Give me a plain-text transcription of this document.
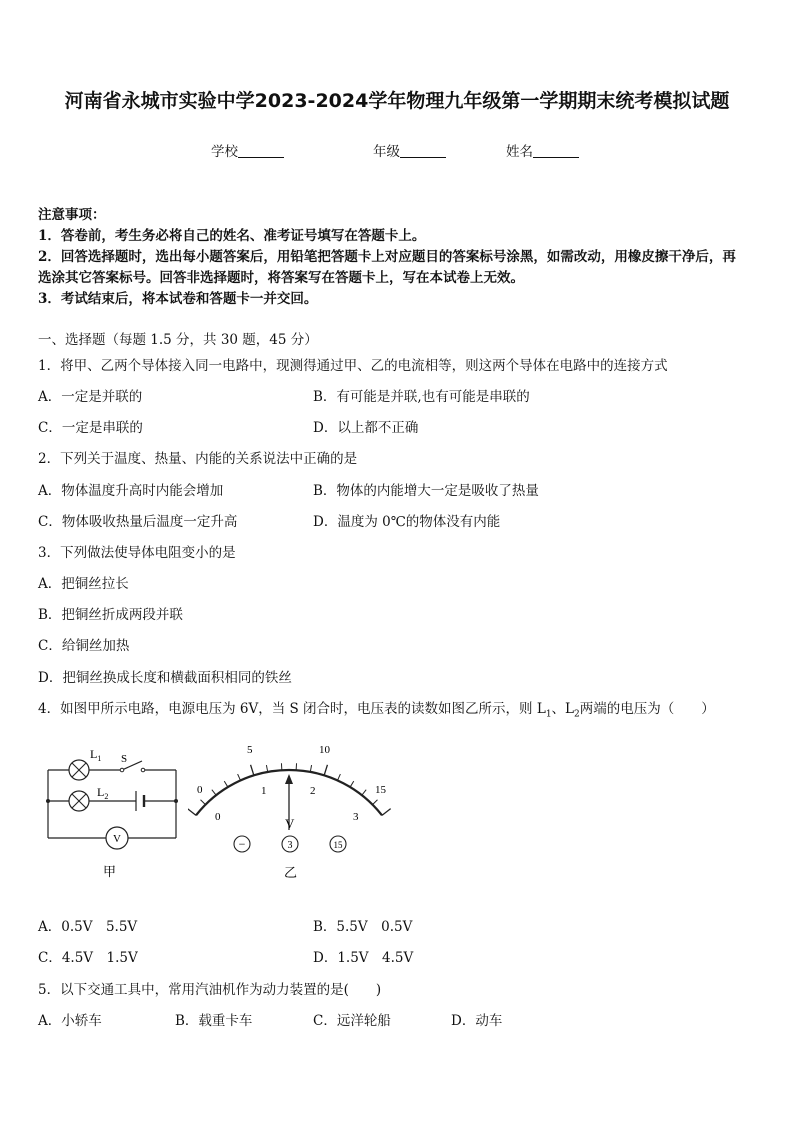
河南省永城市实验中学2023-2024学年物理九年级第一学期期末统考模拟试题
学校	年级	姓名
注意事项：
1．答卷前，考生务必将自己的姓名、准考证号填写在答题卡上。
2．回答选择题时，选出每小题答案后，用铅笔把答题卡上对应题目的答案标号涂黑，如需改动，用橡皮擦干净后，再
选涂其它答案标号。回答非选择题时，将答案写在答题卡上，写在本试卷上无效。
3．考试结束后，将本试卷和答题卡一并交回。
一、选择题（每题 1.5 分，共 30 题，45 分）
1．将甲、乙两个导体接入同一电路中，现测得通过甲、乙的电流相等，则这两个导体在电路中的连接方式
A．一定是并联的	B．有可能是并联,也有可能是串联的
C．一定是串联的	D．以上都不正确
2．下列关于温度、热量、内能的关系说法中正确的是
A．物体温度升高时内能会增加	B．物体的内能增大一定是吸收了热量
C．物体吸收热量后温度一定升高	D．温度为 0℃的物体没有内能
3．下列做法使导体电阻变小的是
A．把铜丝拉长
B．把铜丝折成两段并联
C．给铜丝加热
D．把铜丝换成长度和横截面积相同的铁丝
4．如图甲所示电路，电源电压为 6V，当 S 闭合时，电压表的读数如图乙所示，则 $L_1$、$L_2$两端的电压为（　　）
V
$L_1$
$L_2$
S
甲
0
5	10
15
0
1	2
3
V
−	3	15
乙
A．0.5V　5.5V	B．5.5V　0.5V
C．4.5V　1.5V	D．1.5V　4.5V
5．以下交通工具中，常用汽油机作为动力装置的是(　　)
A．小轿车	B．载重卡车	C．远洋轮船	D．动车
